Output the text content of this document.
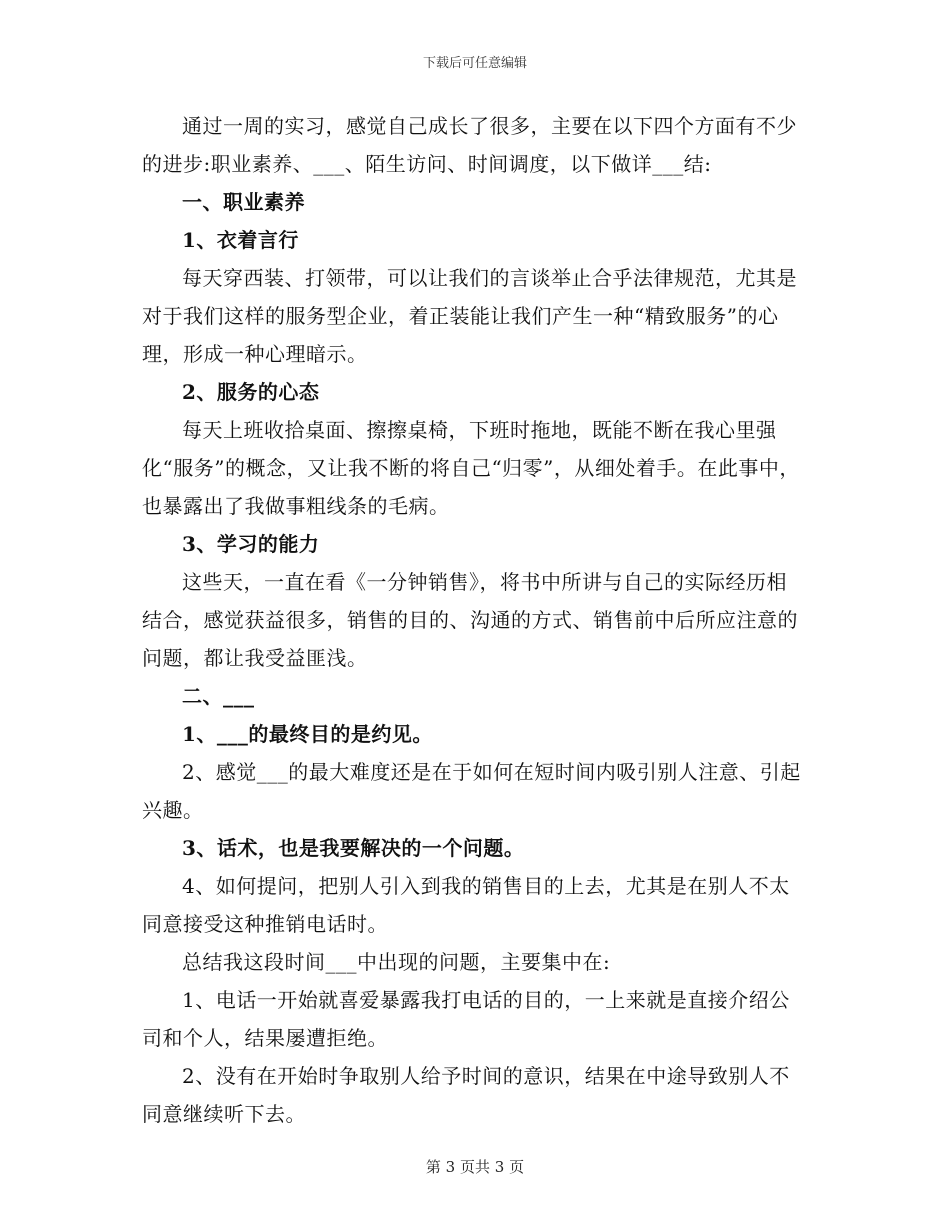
下载后可任意编辑

通过一周的实习，感觉自己成长了很多，主要在以下四个方面有不少的进步:职业素养、___、陌生访问、时间调度，以下做详___结:

一、职业素养

1、衣着言行

每天穿西装、打领带，可以让我们的言谈举止合乎法律规范，尤其是对于我们这样的服务型企业，着正装能让我们产生一种“精致服务”的心理，形成一种心理暗示。

2、服务的心态

每天上班收拾桌面、擦擦桌椅，下班时拖地，既能不断在我心里强化“服务”的概念，又让我不断的将自己“归零”，从细处着手。在此事中，也暴露出了我做事粗线条的毛病。

3、学习的能力

这些天，一直在看《一分钟销售》，将书中所讲与自己的实际经历相结合，感觉获益很多，销售的目的、沟通的方式、销售前中后所应注意的问题，都让我受益匪浅。

二、___

1、___的最终目的是约见。

2、感觉___的最大难度还是在于如何在短时间内吸引别人注意、引起兴趣。

3、话术，也是我要解决的一个问题。

4、如何提问，把别人引入到我的销售目的上去，尤其是在别人不太同意接受这种推销电话时。

总结我这段时间___中出现的问题，主要集中在:

1、电话一开始就喜爱暴露我打电话的目的，一上来就是直接介绍公司和个人，结果屡遭拒绝。

2、没有在开始时争取别人给予时间的意识，结果在中途导致别人不同意继续听下去。

第 3 页共 3 页
